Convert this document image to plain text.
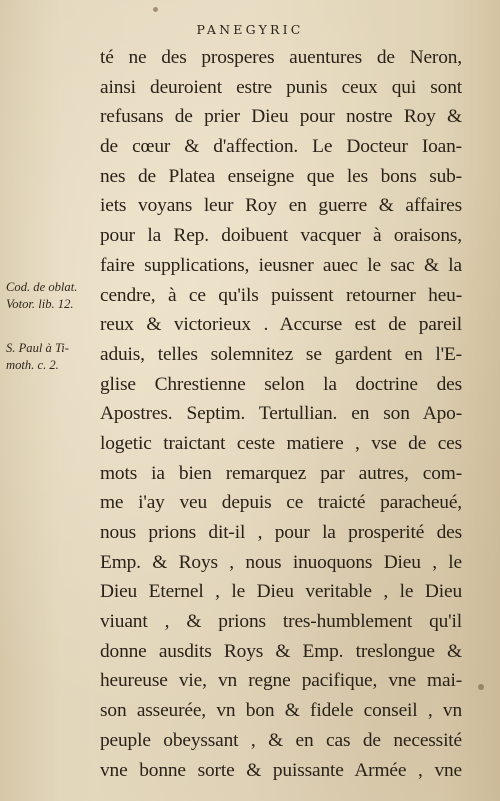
PANEGYRIC
té ne des prosperes auentures de Neron,
ainsi deuroient estre punis ceux qui sont
refusans de prier Dieu pour nostre Roy &
de cœur & d'affection. Le Docteur Ioan-
nes de Platea enseigne que les bons sub-
iets voyans leur Roy en guerre & affaires
pour la Rep. doibuent vacquer à oraisons,
faire supplications, ieusner auec le sac & la
cendre, à ce qu'ils puissent retourner heu-
reux & victorieux . Accurse est de pareil
aduis, telles solemnitez se gardent en l'E-
glise Chrestienne selon la doctrine des
Apostres. Septim. Tertullian. en son Apo-
logetic traictant ceste matiere , vse de ces
mots ia bien remarquez par autres, com-
me i'ay veu depuis ce traicté paracheué,
nous prions dit-il , pour la prosperité des
Emp. & Roys , nous inuoquons Dieu , le
Dieu Eternel , le Dieu veritable , le Dieu
viuant , & prions tres-humblement qu'il
donne ausdits Roys & Emp. treslongue &
heureuse vie, vn regne pacifique, vne mai-
son asseurée, vn bon & fidele conseil , vn
peuple obeyssant , & en cas de necessité
vne bonne sorte & puissante Armée , vne
Cod. de oblat.
Votor. lib. 12.
S. Paul à Ti-
moth. c. 2.
